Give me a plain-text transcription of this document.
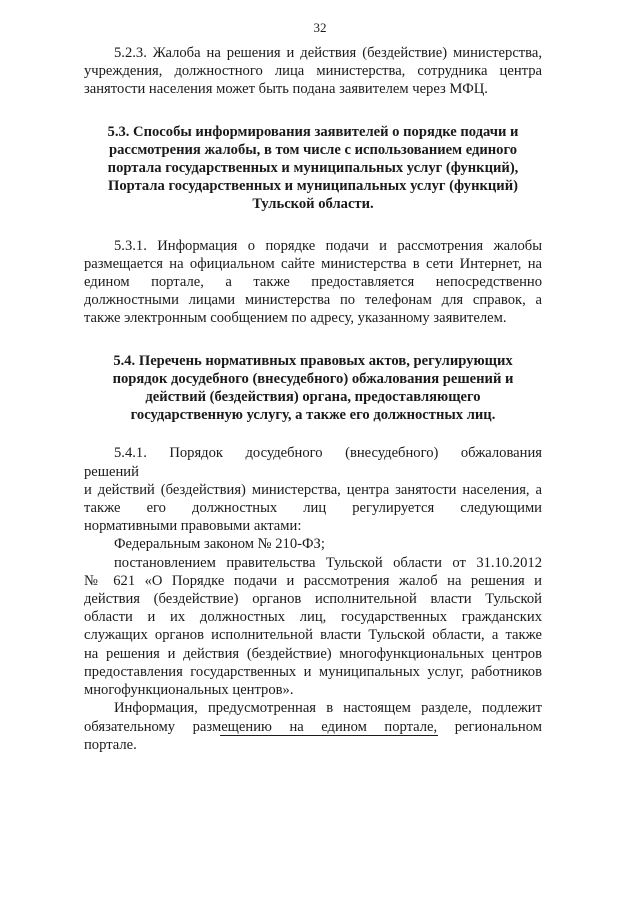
32

5.2.3. Жалоба на решения и действия (бездействие) министерства,
учреждения, должностного лица министерства, сотрудника центра
занятости населения может быть подана заявителем через МФЦ.

5.3. Способы информирования заявителей о порядке подачи и
рассмотрения жалобы, в том числе с использованием единого
портала государственных и муниципальных услуг (функций),
Портала государственных и муниципальных услуг (функций)
Тульской области.

5.3.1. Информация о порядке подачи и рассмотрения жалобы
размещается на официальном сайте министерства в сети Интернет, на
едином портале, а также предоставляется непосредственно
должностными лицами министерства по телефонам для справок, а
также электронным сообщением по адресу, указанному заявителем.

5.4. Перечень нормативных правовых актов, регулирующих
порядок досудебного (внесудебного) обжалования решений и
действий (бездействия) органа, предоставляющего
государственную услугу, а также его должностных лиц.

5.4.1. Порядок досудебного (внесудебного) обжалования
решений
и действий (бездействия) министерства, центра занятости населения, а
также его должностных лиц регулируется следующими
нормативными правовыми актами:

Федеральным законом № 210-ФЗ;

постановлением правительства Тульской области от 31.10.2012
№ 621 «О Порядке подачи и рассмотрения жалоб на решения и
действия (бездействие) органов исполнительной власти Тульской
области и их должностных лиц, государственных гражданских
служащих органов исполнительной власти Тульской области, а также
на решения и действия (бездействие) многофункциональных центров
предоставления государственных и муниципальных услуг, работников
многофункциональных центров».

Информация, предусмотренная в настоящем разделе, подлежит
обязательному размещению на едином портале, региональном
портале.
